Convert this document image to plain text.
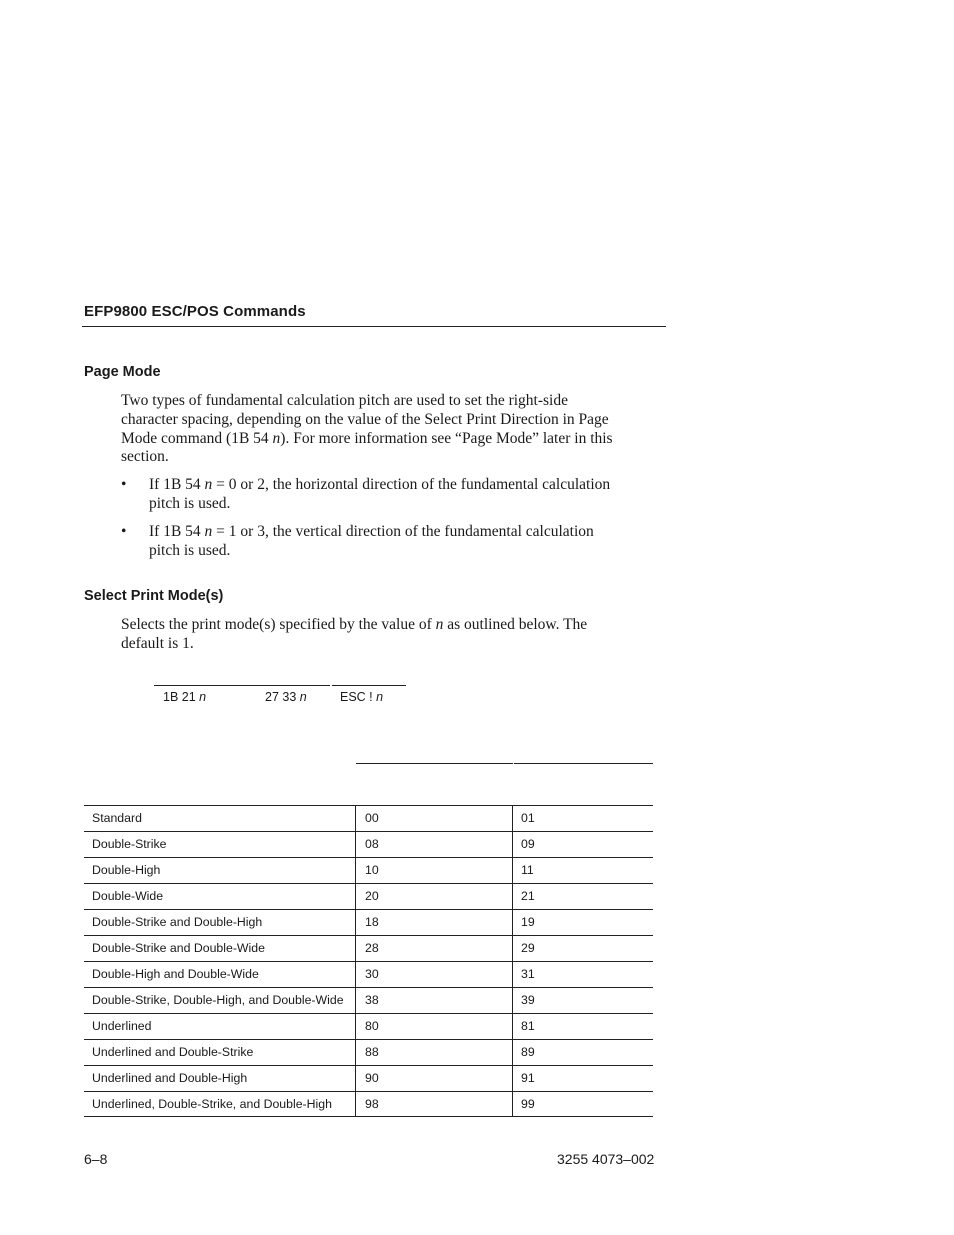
EFP9800 ESC/POS Commands
Page Mode
Two types of fundamental calculation pitch are used to set the right-side
character spacing, depending on the value of the Select Print Direction in Page
Mode command (1B 54 n). For more information see “Page Mode” later in this
section.
• If 1B 54 n = 0 or 2, the horizontal direction of the fundamental calculation
pitch is used.
• If 1B 54 n = 1 or 3, the vertical direction of the fundamental calculation
pitch is used.
Select Print Mode(s)
Selects the print mode(s) specified by the value of n as outlined below. The
default is 1.
1B 21 n	27 33 n	ESC ! n
Standard	00	01
Double-Strike	08	09
Double-High	10	11
Double-Wide	20	21
Double-Strike and Double-High	18	19
Double-Strike and Double-Wide	28	29
Double-High and Double-Wide	30	31
Double-Strike, Double-High, and Double-Wide	38	39
Underlined	80	81
Underlined and Double-Strike	88	89
Underlined and Double-High	90	91
Underlined, Double-Strike, and Double-High	98	99
6–8	3255 4073–002
